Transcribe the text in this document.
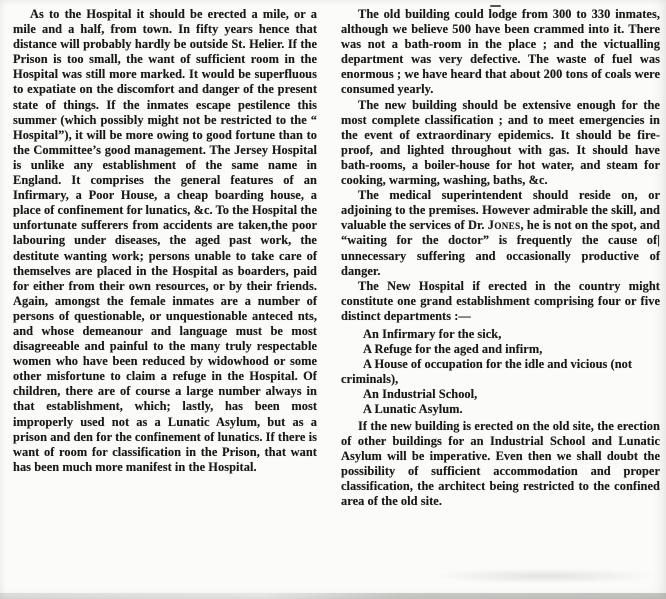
As to the Hospital it should be erected a mile, or a mile and a half, from town. In fifty years hence that distance will probably hardly be outside St. Helier. If the Prison is too small, the want of sufficient room in the Hospital was still more marked. It would be superfluous to expatiate on the discomfort and danger of the present state of things. If the inmates escape pestilence this summer (which possibly might not be restricted to the “ Hospital”), it will be more owing to good fortune than to the Committee’s good management. The Jersey Hospital is unlike any establishment of the same name in England. It comprises the general features of an Infirmary, a Poor House, a cheap boarding house, a place of confinement for lunatics, &c. To the Hospital the unfortunate sufferers from accidents are taken,the poor labouring under diseases, the aged past work, the destitute wanting work; persons unable to take care of themselves are placed in the Hospital as boarders, paid for either from their own resources, or by their friends. Again, amongst the female inmates are a number of persons of questionable, or unquestionable anteced nts, and whose demeanour and language must be most disagreeable and painful to the many truly respectable women who have been reduced by widowhood or some other misfortune to claim a refuge in the Hospital. Of children, there are of course a large number always in that establishment, which; lastly, has been most improperly used not as a Lunatic Asylum, but as a prison and den for the confinement of lunatics. If there is want of room for classification in the Prison, that want has been much more manifest in the Hospital.

The old building could lodge from 300 to 330 inmates, although we believe 500 have been crammed into it. There was not a bath-room in the place ; and the victualling department was very defective. The waste of fuel was enormous ; we have heard that about 200 tons of coals were consumed yearly.

The new building should be extensive enough for the most complete classification ; and to meet emergencies in the event of extraordinary epidemics. It should be fire-proof, and lighted throughout with gas. It should have bath-rooms, a boiler-house for hot water, and steam for cooking, warming, washing, baths, &c.

The medical superintendent should reside on, or adjoining to the premises. However admirable the skill, and valuable the services of Dr. Jones, he is not on the spot, and “waiting for the doctor” is frequently the cause of| unnecessary suffering and occasionally productive of danger.

The New Hospital if erected in the country might constitute one grand establishment comprising four or five distinct departments :—

An Infirmary for the sick,
A Refuge for the aged and infirm,
A House of occupation for the idle and vicious (not criminals),
An Industrial School,
A Lunatic Asylum.

If the new building is erected on the old site, the erection of other buildings for an Industrial School and Lunatic Asylum will be imperative. Even then we shall doubt the possibility of sufficient accommodation and proper classification, the architect being restricted to the confined area of the old site.
